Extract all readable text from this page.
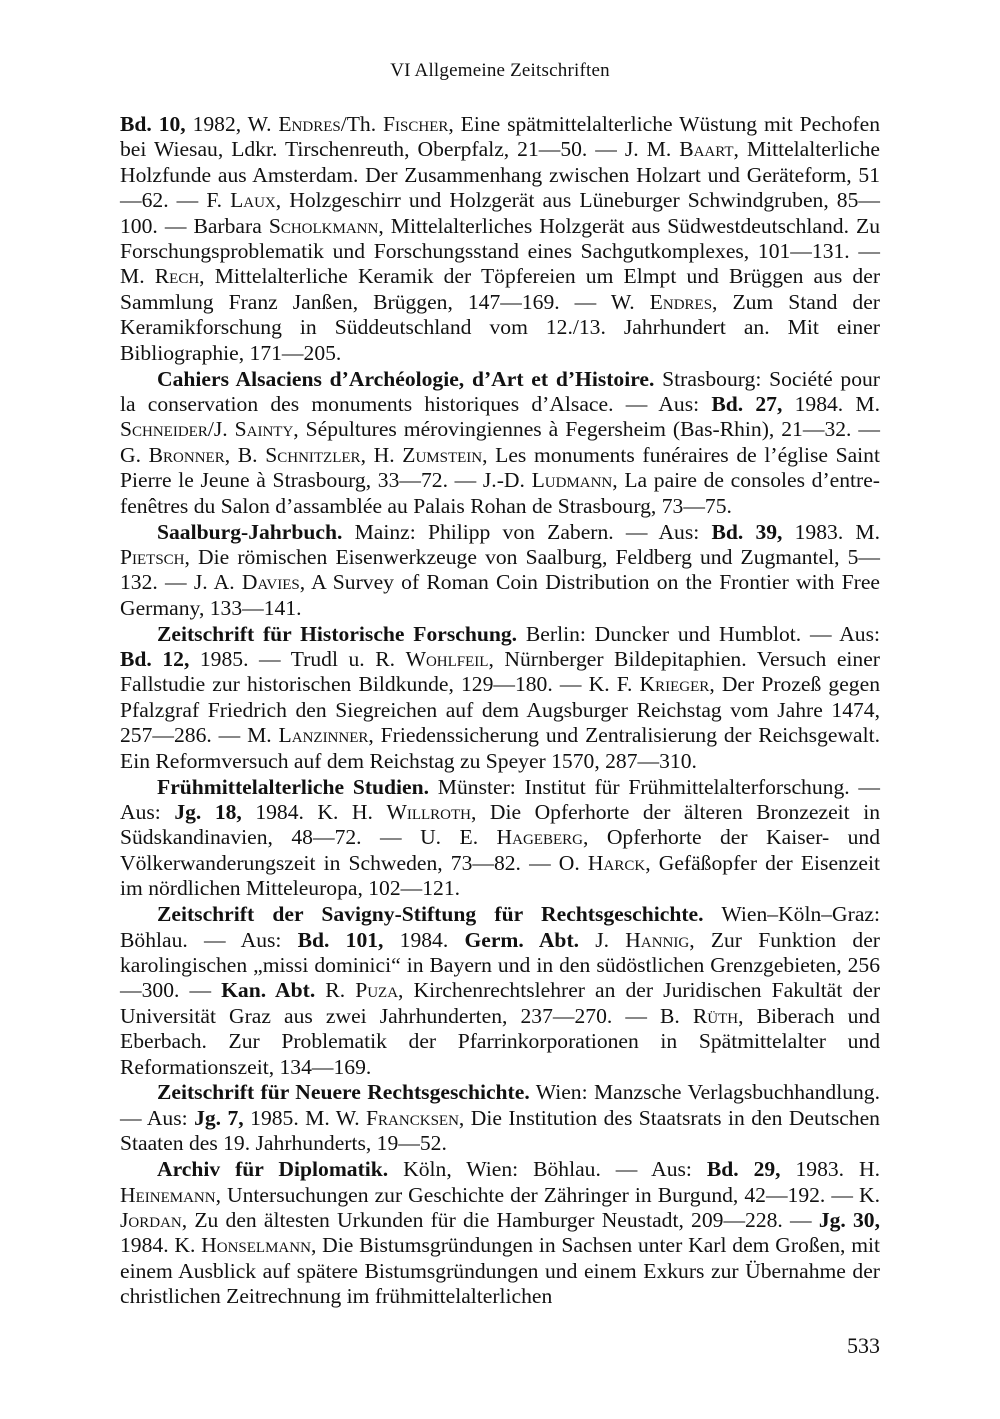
VI Allgemeine Zeitschriften

Bd. 10, 1982, W. Endres/Th. Fischer, Eine spätmittelalterliche Wüstung mit Pechofen bei Wiesau, Ldkr. Tirschenreuth, Oberpfalz, 21—50. — J. M. Baart, Mittelalterliche Holzfunde aus Amsterdam. Der Zusammenhang zwischen Holzart und Geräteform, 51—62. — F. Laux, Holzgeschirr und Holzgerät aus Lüneburger Schwindgruben, 85—100. — Barbara Scholkmann, Mittelalterliches Holzgerät aus Südwestdeutschland. Zu Forschungsproblematik und Forschungsstand eines Sachgutkomplexes, 101—131. — M. Rech, Mittelalterliche Keramik der Töpfereien um Elmpt und Brüggen aus der Sammlung Franz Janßen, Brüggen, 147—169. — W. Endres, Zum Stand der Keramikforschung in Süddeutschland vom 12./13. Jahrhundert an. Mit einer Bibliographie, 171—205.

Cahiers Alsaciens d’Archéologie, d’Art et d’Histoire. Strasbourg: Société pour la conservation des monuments historiques d’Alsace. — Aus: Bd. 27, 1984. M. Schneider/J. Sainty, Sépultures mérovingiennes à Fegersheim (Bas-Rhin), 21—32. — G. Bronner, B. Schnitzler, H. Zumstein, Les monuments funéraires de l’église Saint Pierre le Jeune à Strasbourg, 33—72. — J.-D. Ludmann, La paire de consoles d’entre-fenêtres du Salon d’assamblée au Palais Rohan de Strasbourg, 73—75.

Saalburg-Jahrbuch. Mainz: Philipp von Zabern. — Aus: Bd. 39, 1983. M. Pietsch, Die römischen Eisenwerkzeuge von Saalburg, Feldberg und Zugmantel, 5—132. — J. A. Davies, A Survey of Roman Coin Distribution on the Frontier with Free Germany, 133—141.

Zeitschrift für Historische Forschung. Berlin: Duncker und Humblot. — Aus: Bd. 12, 1985. — Trudl u. R. Wohlfeil, Nürnberger Bildepitaphien. Versuch einer Fallstudie zur historischen Bildkunde, 129—180. — K. F. Krieger, Der Prozeß gegen Pfalzgraf Friedrich den Siegreichen auf dem Augsburger Reichstag vom Jahre 1474, 257—286. — M. Lanzinner, Friedenssicherung und Zentralisierung der Reichsgewalt. Ein Reformversuch auf dem Reichstag zu Speyer 1570, 287—310.

Frühmittelalterliche Studien. Münster: Institut für Frühmittelalterforschung. — Aus: Jg. 18, 1984. K. H. Willroth, Die Opferhorte der älteren Bronzezeit in Südskandinavien, 48—72. — U. E. Hageberg, Opferhorte der Kaiser- und Völkerwanderungszeit in Schweden, 73—82. — O. Harck, Gefäßopfer der Eisenzeit im nördlichen Mitteleuropa, 102—121.

Zeitschrift der Savigny-Stiftung für Rechtsgeschichte. Wien–Köln–Graz: Böhlau. — Aus: Bd. 101, 1984. Germ. Abt. J. Hannig, Zur Funktion der karolingischen „missi dominici“ in Bayern und in den südöstlichen Grenzgebieten, 256—300. — Kan. Abt. R. Puza, Kirchenrechtslehrer an der Juridischen Fakultät der Universität Graz aus zwei Jahrhunderten, 237—270. — B. Rüth, Biberach und Eberbach. Zur Problematik der Pfarrinkorporationen in Spätmittelalter und Reformationszeit, 134—169.

Zeitschrift für Neuere Rechtsgeschichte. Wien: Manzsche Verlagsbuchhandlung. — Aus: Jg. 7, 1985. M. W. Francksen, Die Institution des Staatsrats in den Deutschen Staaten des 19. Jahrhunderts, 19—52.

Archiv für Diplomatik. Köln, Wien: Böhlau. — Aus: Bd. 29, 1983. H. Heinemann, Untersuchungen zur Geschichte der Zähringer in Burgund, 42—192. — K. Jordan, Zu den ältesten Urkunden für die Hamburger Neustadt, 209—228. — Jg. 30, 1984. K. Honselmann, Die Bistumsgründungen in Sachsen unter Karl dem Großen, mit einem Ausblick auf spätere Bistumsgründungen und einem Exkurs zur Übernahme der christlichen Zeitrechnung im frühmittelalterlichen

533
